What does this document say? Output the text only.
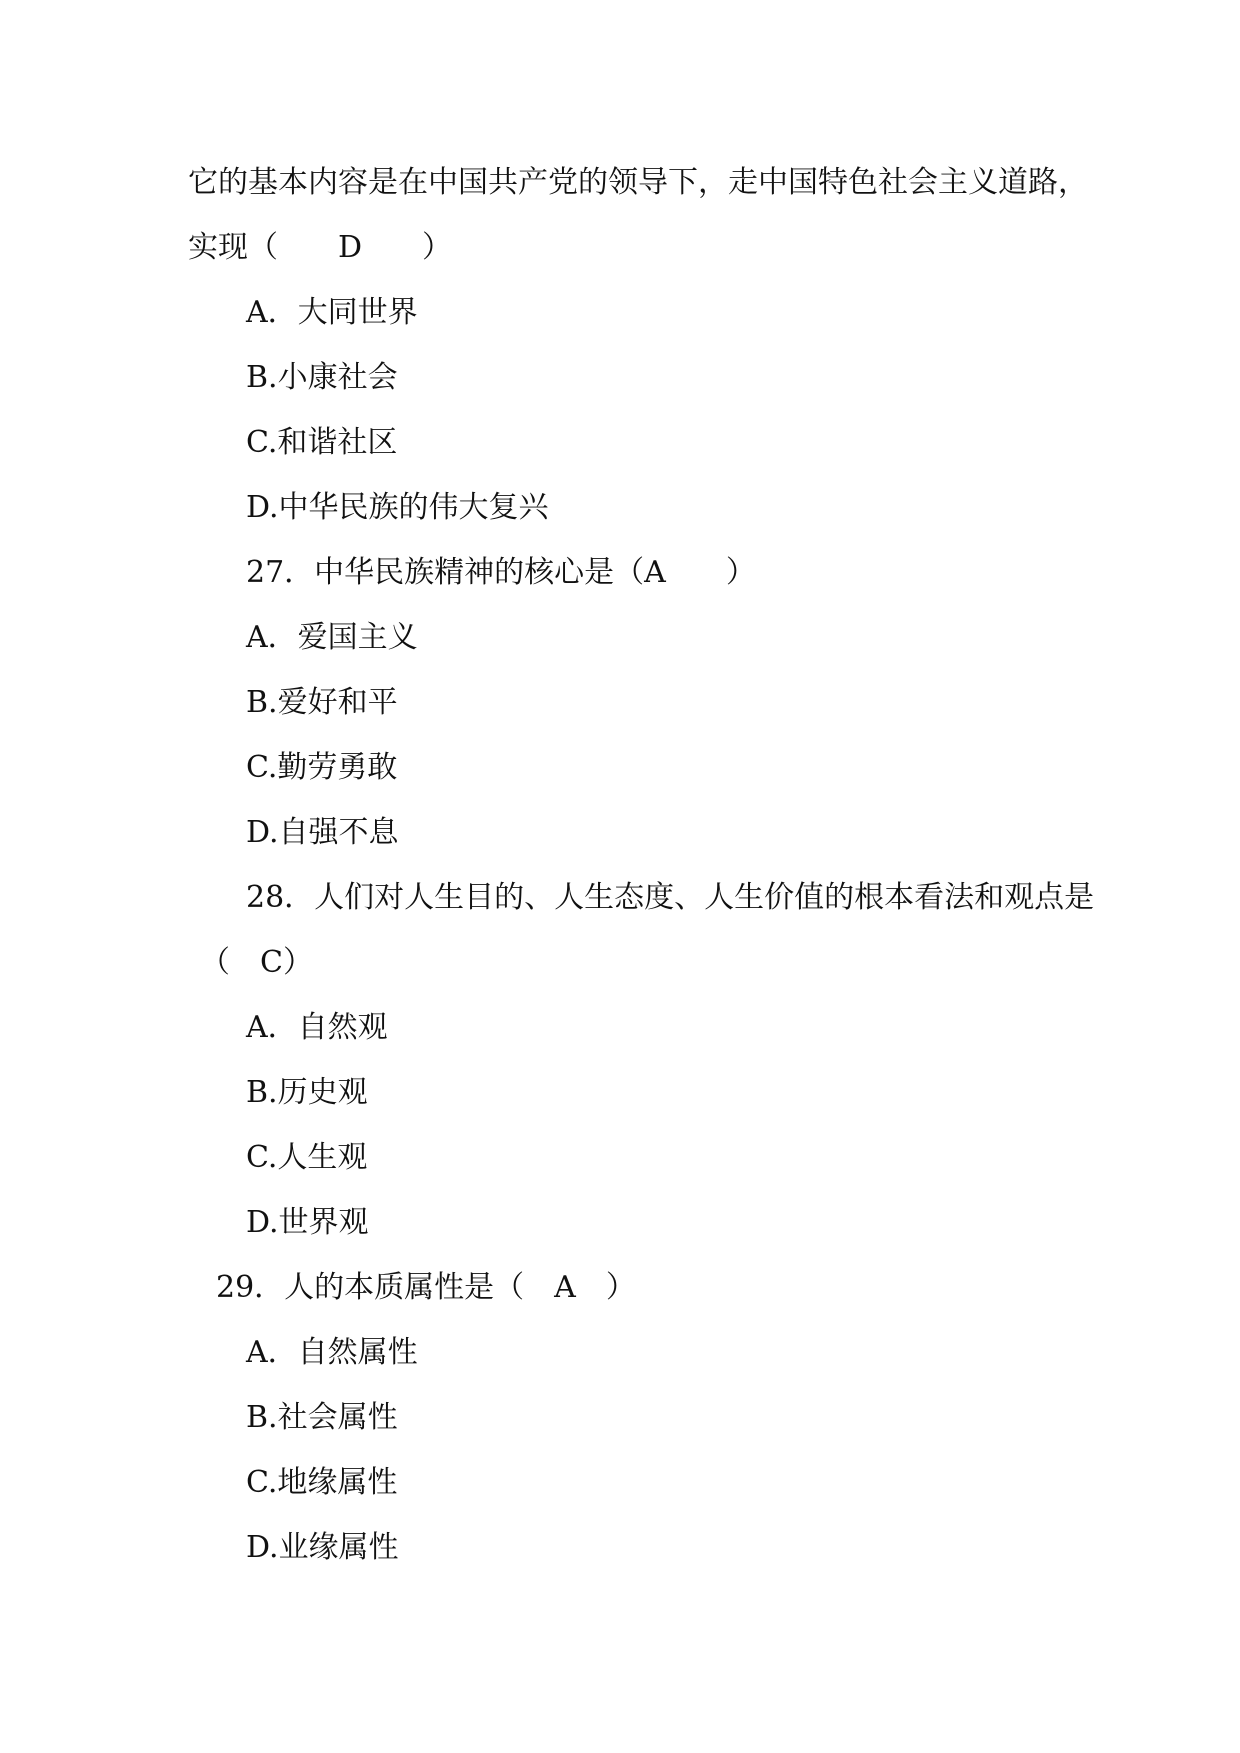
它的基本内容是在中国共产党的领导下，走中国特色社会主义道路，
实现（　　D　　）
A．大同世界
B.小康社会
C.和谐社区
D.中华民族的伟大复兴
27．中华民族精神的核心是（A　　）
A．爱国主义
B.爱好和平
C.勤劳勇敢
D.自强不息
28．人们对人生目的、人生态度、人生价值的根本看法和观点是
（　C）
A．自然观
B.历史观
C.人生观
D.世界观
29．人的本质属性是（　A　）
A．自然属性
B.社会属性
C.地缘属性
D.业缘属性
